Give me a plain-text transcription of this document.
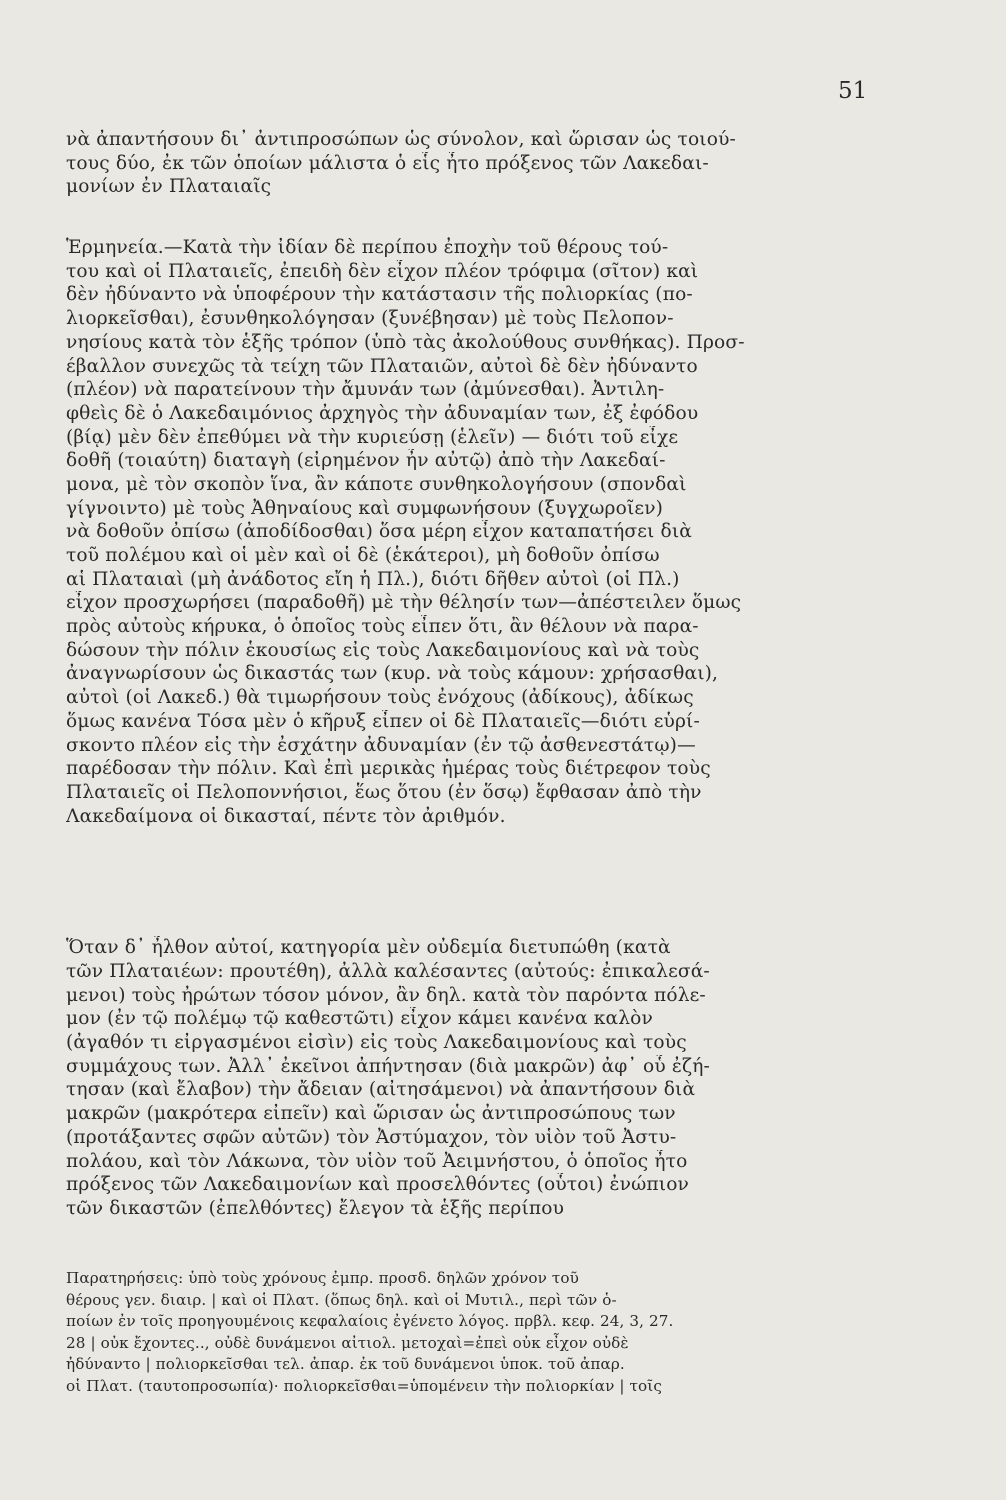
51
νὰ ἀπαντήσουν δι᾿ ἀντιπροσώπων ὡς σύνολον, καὶ ὥρισαν ὡς τοιού-
τους δύο, ἐκ τῶν ὁποίων μάλιστα ὁ εἷς ἦτο πρόξενος τῶν Λακεδαι-
μονίων ἐν Πλαταιαῖς
Ἑρμηνεία.—Κατὰ τὴν ἰδίαν δὲ περίπου ἐποχὴν τοῦ θέρους τού-
του καὶ οἱ Πλαταιεῖς, ἐπειδὴ δὲν εἶχον πλέον τρόφιμα (σῖτον) καὶ
δὲν ἠδύναντο νὰ ὑποφέρουν τὴν κατάστασιν τῆς πολιορκίας (πο-
λιορκεῖσθαι), ἐσυνθηκολόγησαν (ξυνέβησαν) μὲ τοὺς Πελοπον-
νησίους κατὰ τὸν ἑξῆς τρόπον (ὑπὸ τὰς ἀκολούθους συνθήκας). Προσ-
έβαλλον συνεχῶς τὰ τείχη τῶν Πλαταιῶν, αὐτοὶ δὲ δὲν ἠδύναντο
(πλέον) νὰ παρατείνουν τὴν ἄμυνάν των (ἀμύνεσθαι). Ἀντιλη-
φθεὶς δὲ ὁ Λακεδαιμόνιος ἀρχηγὸς τὴν ἀδυναμίαν των, ἐξ ἐφόδου
(βίᾳ) μὲν δὲν ἐπεθύμει νὰ τὴν κυριεύσῃ (ἑλεῖν) — διότι τοῦ εἶχε
δοθῆ (τοιαύτη) διαταγὴ (εἰρημένον ἦν αὐτῷ) ἀπὸ τὴν Λακεδαί-
μονα, μὲ τὸν σκοπὸν ἵνα, ἂν κάποτε συνθηκολογήσουν (σπονδαὶ
γίγνοιντο) μὲ τοὺς Ἀθηναίους καὶ συμφωνήσουν (ξυγχωροῖεν)
νὰ δοθοῦν ὀπίσω (ἀποδίδοσθαι) ὅσα μέρη εἶχον καταπατήσει διὰ
τοῦ πολέμου καὶ οἱ μὲν καὶ οἱ δὲ (ἑκάτεροι), μὴ δοθοῦν ὀπίσω
αἱ Πλαταιαὶ (μὴ ἀνάδοτος εἴη ἡ Πλ.), διότι δῆθεν αὐτοὶ (οἱ Πλ.)
εἶχον προσχωρήσει (παραδοθῆ) μὲ τὴν θέλησίν των—ἀπέστειλεν ὅμως
πρὸς αὐτοὺς κήρυκα, ὁ ὁποῖος τοὺς εἶπεν ὅτι, ἂν θέλουν νὰ παρα-
δώσουν τὴν πόλιν ἑκουσίως εἰς τοὺς Λακεδαιμονίους καὶ νὰ τοὺς
ἀναγνωρίσουν ὡς δικαστάς των (κυρ. νὰ τοὺς κάμουν: χρήσασθαι),
αὐτοὶ (οἱ Λακεδ.) θὰ τιμωρήσουν τοὺς ἐνόχους (ἀδίκους), ἀδίκως
ὅμως κανένα Τόσα μὲν ὁ κῆρυξ εἶπεν οἱ δὲ Πλαταιεῖς—διότι εὑρί-
σκοντο πλέον εἰς τὴν ἐσχάτην ἀδυναμίαν (ἐν τῷ ἀσθενεστάτῳ)—
παρέδοσαν τὴν πόλιν. Καὶ ἐπὶ μερικὰς ἡμέρας τοὺς διέτρεφον τοὺς
Πλαταιεῖς οἱ Πελοποννήσιοι, ἕως ὅτου (ἐν ὅσῳ) ἔφθασαν ἀπὸ τὴν
Λακεδαίμονα οἱ δικασταί, πέντε τὸν ἀριθμόν.
Ὅταν δ᾿ ἦλθον αὐτοί, κατηγορία μὲν οὐδεμία διετυπώθη (κατὰ
τῶν Πλαταιέων: προυτέθη), ἀλλὰ καλέσαντες (αὐτούς: ἐπικαλεσά-
μενοι) τοὺς ἠρώτων τόσον μόνον, ἂν δηλ. κατὰ τὸν παρόντα πόλε-
μον (ἐν τῷ πολέμῳ τῷ καθεστῶτι) εἶχον κάμει κανένα καλὸν
(ἀγαθόν τι εἰργασμένοι εἰσὶν) εἰς τοὺς Λακεδαιμονίους καὶ τοὺς
συμμάχους των. Ἀλλ᾿ ἐκεῖνοι ἀπήντησαν (διὰ μακρῶν) ἀφ᾿ οὗ ἐζή-
τησαν (καὶ ἔλαβον) τὴν ἄδειαν (αἰτησάμενοι) νὰ ἀπαντήσουν διὰ
μακρῶν (μακρότερα εἰπεῖν) καὶ ὥρισαν ὡς ἀντιπροσώπους των
(προτάξαντες σφῶν αὐτῶν) τὸν Ἀστύμαχον, τὸν υἱὸν τοῦ Ἀστυ-
πολάου, καὶ τὸν Λάκωνα, τὸν υἱὸν τοῦ Ἀειμνήστου, ὁ ὁποῖος ἦτο
πρόξενος τῶν Λακεδαιμονίων καὶ προσελθόντες (οὗτοι) ἐνώπιον
τῶν δικαστῶν (ἐπελθόντες) ἔλεγον τὰ ἑξῆς περίπου
Παρατηρήσεις: ὑπὸ τοὺς χρόνους ἐμπρ. προσδ. δηλῶν χρόνον τοῦ
θέρους γεν. διαιρ. | καὶ οἱ Πλατ. (ὅπως δηλ. καὶ οἱ Μυτιλ., περὶ τῶν ὁ-
ποίων ἐν τοῖς προηγουμένοις κεφαλαίοις ἐγένετο λόγος. πρβλ. κεφ. 24, 3, 27.
28 | οὐκ ἔχοντες.., οὐδὲ δυνάμενοι αἰτιολ. μετοχαὶ=ἐπεὶ οὐκ εἶχον οὐδὲ
ἠδύναντο | πολιορκεῖσθαι τελ. ἀπαρ. ἐκ τοῦ δυνάμενοι ὑποκ. τοῦ ἀπαρ.
οἱ Πλατ. (ταυτοπροσωπία)· πολιορκεῖσθαι=ὑπομένειν τὴν πολιορκίαν | τοῖς
